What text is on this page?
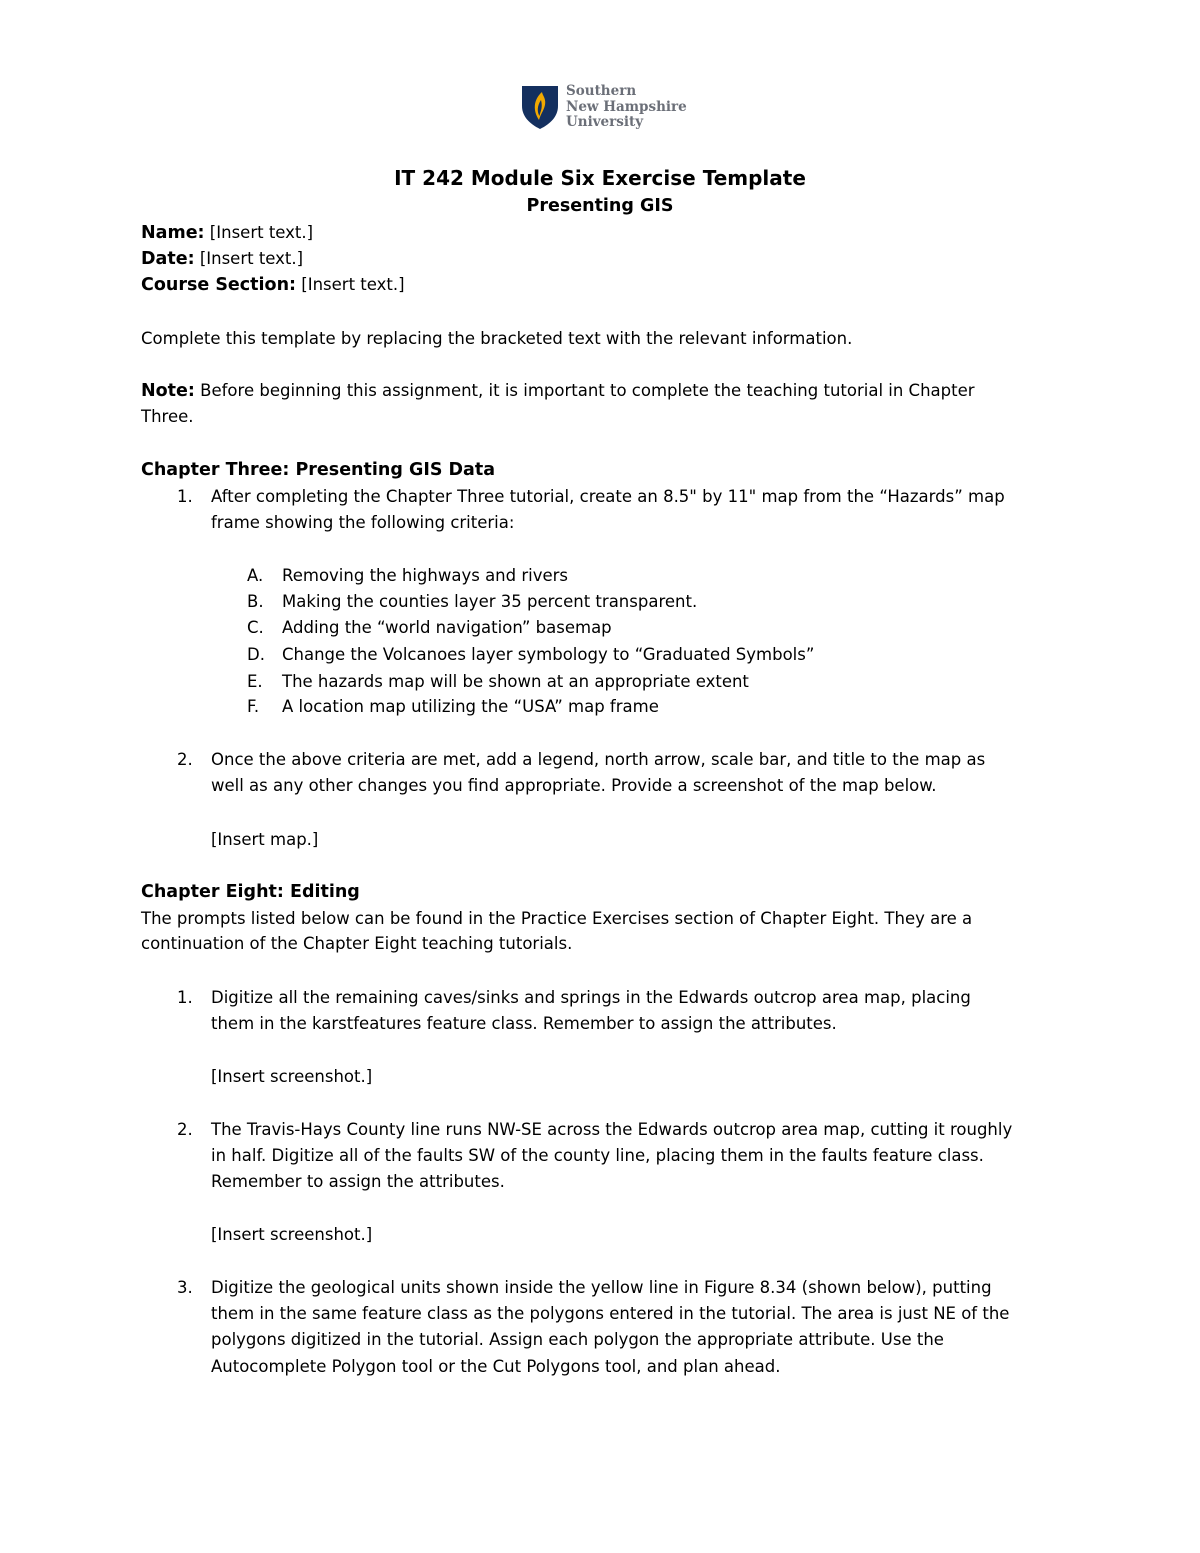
Southern
New Hampshire
University
IT 242 Module Six Exercise Template
Presenting GIS
Name: [Insert text.]
Date: [Insert text.]
Course Section: [Insert text.]
Complete this template by replacing the bracketed text with the relevant information.
Note: Before beginning this assignment, it is important to complete the teaching tutorial in Chapter
Three.
Chapter Three: Presenting GIS Data
1. After completing the Chapter Three tutorial, create an 8.5" by 11" map from the “Hazards” map
frame showing the following criteria:
A. Removing the highways and rivers
B. Making the counties layer 35 percent transparent.
C. Adding the “world navigation” basemap
D. Change the Volcanoes layer symbology to “Graduated Symbols”
E. The hazards map will be shown at an appropriate extent
F. A location map utilizing the “USA” map frame
2. Once the above criteria are met, add a legend, north arrow, scale bar, and title to the map as
well as any other changes you find appropriate. Provide a screenshot of the map below.
[Insert map.]
Chapter Eight: Editing
The prompts listed below can be found in the Practice Exercises section of Chapter Eight. They are a
continuation of the Chapter Eight teaching tutorials.
1. Digitize all the remaining caves/sinks and springs in the Edwards outcrop area map, placing
them in the karstfeatures feature class. Remember to assign the attributes.
[Insert screenshot.]
2. The Travis-Hays County line runs NW-SE across the Edwards outcrop area map, cutting it roughly
in half. Digitize all of the faults SW of the county line, placing them in the faults feature class.
Remember to assign the attributes.
[Insert screenshot.]
3. Digitize the geological units shown inside the yellow line in Figure 8.34 (shown below), putting
them in the same feature class as the polygons entered in the tutorial. The area is just NE of the
polygons digitized in the tutorial. Assign each polygon the appropriate attribute. Use the
Autocomplete Polygon tool or the Cut Polygons tool, and plan ahead.
